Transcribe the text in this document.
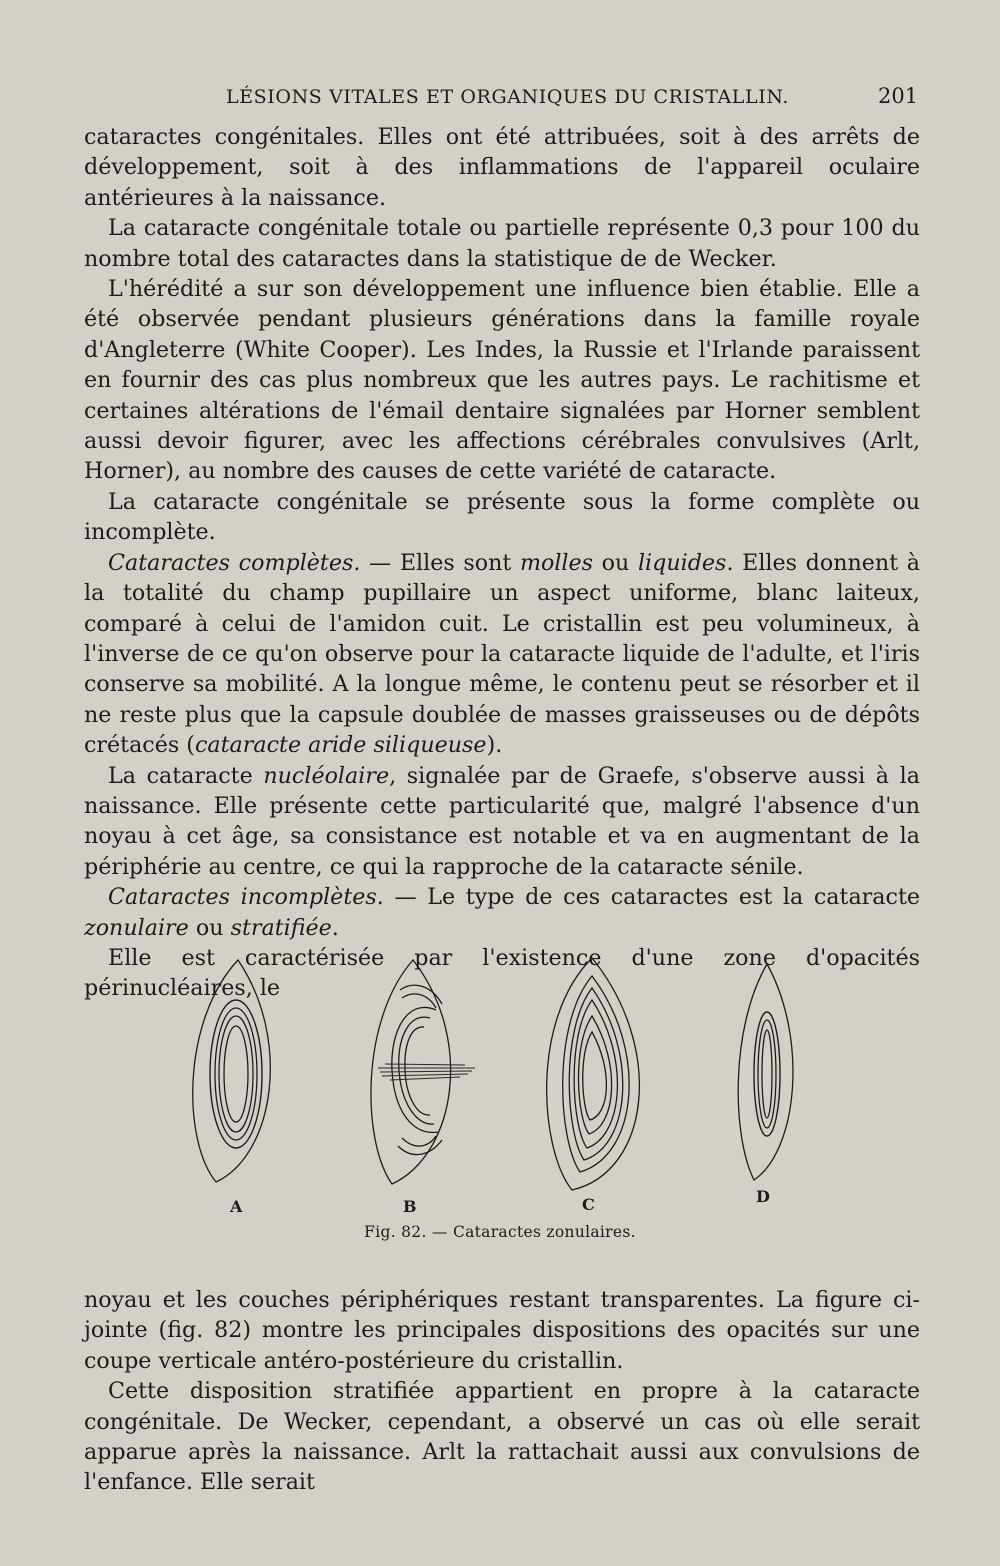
LÉSIONS VITALES ET ORGANIQUES DU CRISTALLIN.	201

cataractes congénitales. Elles ont été attribuées, soit à des arrêts de développement, soit à des inflammations de l'appareil oculaire antérieures à la naissance.

La cataracte congénitale totale ou partielle représente 0,3 pour 100 du nombre total des cataractes dans la statistique de de Wecker.

L'hérédité a sur son développement une influence bien établie. Elle a été observée pendant plusieurs générations dans la famille royale d'Angleterre (White Cooper). Les Indes, la Russie et l'Irlande paraissent en fournir des cas plus nombreux que les autres pays. Le rachitisme et certaines altérations de l'émail dentaire signalées par Horner semblent aussi devoir figurer, avec les affections cérébrales convulsives (Arlt, Horner), au nombre des causes de cette variété de cataracte.

La cataracte congénitale se présente sous la forme complète ou incomplète.

Cataractes complètes. — Elles sont molles ou liquides. Elles donnent à la totalité du champ pupillaire un aspect uniforme, blanc laiteux, comparé à celui de l'amidon cuit. Le cristallin est peu volumineux, à l'inverse de ce qu'on observe pour la cataracte liquide de l'adulte, et l'iris conserve sa mobilité. A la longue même, le contenu peut se résorber et il ne reste plus que la capsule doublée de masses graisseuses ou de dépôts crétacés (cataracte aride siliqueuse).

La cataracte nucléolaire, signalée par de Graefe, s'observe aussi à la naissance. Elle présente cette particularité que, malgré l'absence d'un noyau à cet âge, sa consistance est notable et va en augmentant de la périphérie au centre, ce qui la rapproche de la cataracte sénile.

Cataractes incomplètes. — Le type de ces cataractes est la cataracte zonulaire ou stratifiée.

Elle est caractérisée par l'existence d'une zone d'opacités périnucléaires, le

A	B	C	D
Fig. 82. — Cataractes zonulaires.

noyau et les couches périphériques restant transparentes. La figure ci-jointe (fig. 82) montre les principales dispositions des opacités sur une coupe verticale antéro-postérieure du cristallin.

Cette disposition stratifiée appartient en propre à la cataracte congénitale. De Wecker, cependant, a observé un cas où elle serait apparue après la naissance. Arlt la rattachait aussi aux convulsions de l'enfance. Elle serait
